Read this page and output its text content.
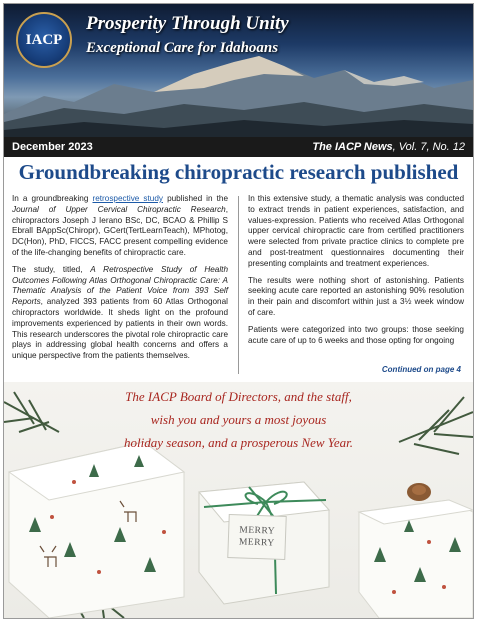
IACP
Prosperity Through Unity
Exceptional Care for Idahoans
December 2023	The IACP News, Vol. 7, No. 12
Groundbreaking chiropractic research published

In a groundbreaking retrospective study published in the Journal of Upper Cervical Chiropractic Research, chiropractors Joseph J Ierano BSc, DC, BCAO & Phillip S Ebrall BAppSc(Chiropr), GCert(TertLearnTeach), MPhotog, DC(Hon), PhD, FICCS, FACC present compelling evidence of the life-changing benefits of chiropractic care.

The study, titled, A Retrospective Study of Health Outcomes Following Atlas Orthogonal Chiropractic Care: A Thematic Analysis of the Patient Voice from 393 Self Reports, analyzed 393 patients from 60 Atlas Orthogonal chiropractors worldwide. It sheds light on the profound improvements experienced by patients in their own words. This research underscores the pivotal role chiropractic care plays in addressing global health concerns and offers a unique perspective from the patients themselves.

In this extensive study, a thematic analysis was conducted to extract trends in patient experiences, satisfaction, and values-expression. Patients who received Atlas Orthogonal upper cervical chiropractic care from certified practitioners were selected from private practice clinics to complete pre and post-treatment questionnaires documenting their presenting complaints and treatment experiences.

The results were nothing short of astonishing. Patients seeking acute care reported an astonishing 90% resolution in their pain and discomfort within just a 3½ week window of care.

Patients were categorized into two groups: those seeking acute care of up to 6 weeks and those opting for ongoing

Continued on page 4
The IACP Board of Directors, and the staff,
wish you and yours a most joyous
holiday season, and a prosperous New Year.
MERRY
MERRY
